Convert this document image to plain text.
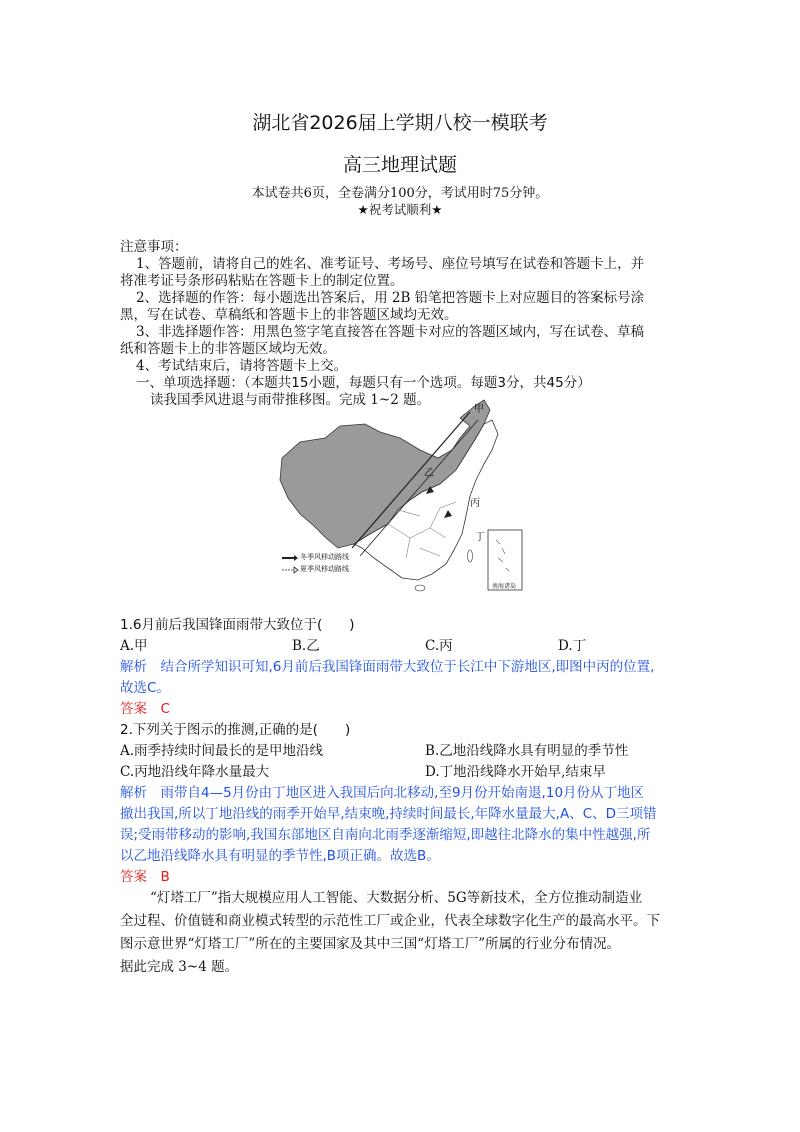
湖北省2026届上学期八校一模联考
高三地理试题
本试卷共6页，全卷满分100分，考试用时75分钟。
★祝考试顺利★
注意事项：
1、答题前，请将自己的姓名、准考证号、考场号、座位号填写在试卷和答题卡上，并
将准考证号条形码粘贴在答题卡上的制定位置。
2、选择题的作答：每小题选出答案后，用 2B 铅笔把答题卡上对应题目的答案标号涂
黑，写在试卷、草稿纸和答题卡上的非答题区域均无效。
3、非选择题作答：用黑色签字笔直接答在答题卡对应的答题区域内，写在试卷、草稿
纸和答题卡上的非答题区域均无效。
4、考试结束后，请将答题卡上交。
一、单项选择题：（本题共15小题，每题只有一个选项。每题3分，共45分）
读我国季风进退与雨带推移图。完成 1~2 题。
甲
乙
丙
丁
冬季风移动路线
夏季风移动路线
南海诸岛
1.6月前后我国锋面雨带大致位于(　　)
A.甲	B.乙	C.丙	D.丁
解析　 结合所学知识可知,6月前后我国锋面雨带大致位于长江中下游地区,即图中丙的位置,
故选C。
答案　 C
2.下列关于图示的推测,正确的是(　　)
A.雨季持续时间最长的是甲地沿线	B.乙地沿线降水具有明显的季节性
C.丙地沿线年降水量最大	D.丁地沿线降水开始早,结束早
解析　 雨带自4—5月份由丁地区进入我国后向北移动,至9月份开始南退,10月份从丁地区
撤出我国,所以丁地沿线的雨季开始早,结束晚,持续时间最长,年降水量最大,A、C、D三项错
误;受雨带移动的影响,我国东部地区自南向北雨季逐渐缩短,即越往北降水的集中性越强,所
以乙地沿线降水具有明显的季节性,B项正确。故选B。
答案　 B
“灯塔工厂”指大规模应用人工智能、大数据分析、5G等新技术，全方位推动制造业
全过程、价值链和商业模式转型的示范性工厂或企业，代表全球数字化生产的最高水平。下
图示意世界“灯塔工厂”所在的主要国家及其中三国“灯塔工厂”所属的行业分布情况。
据此完成 3~4 题。
